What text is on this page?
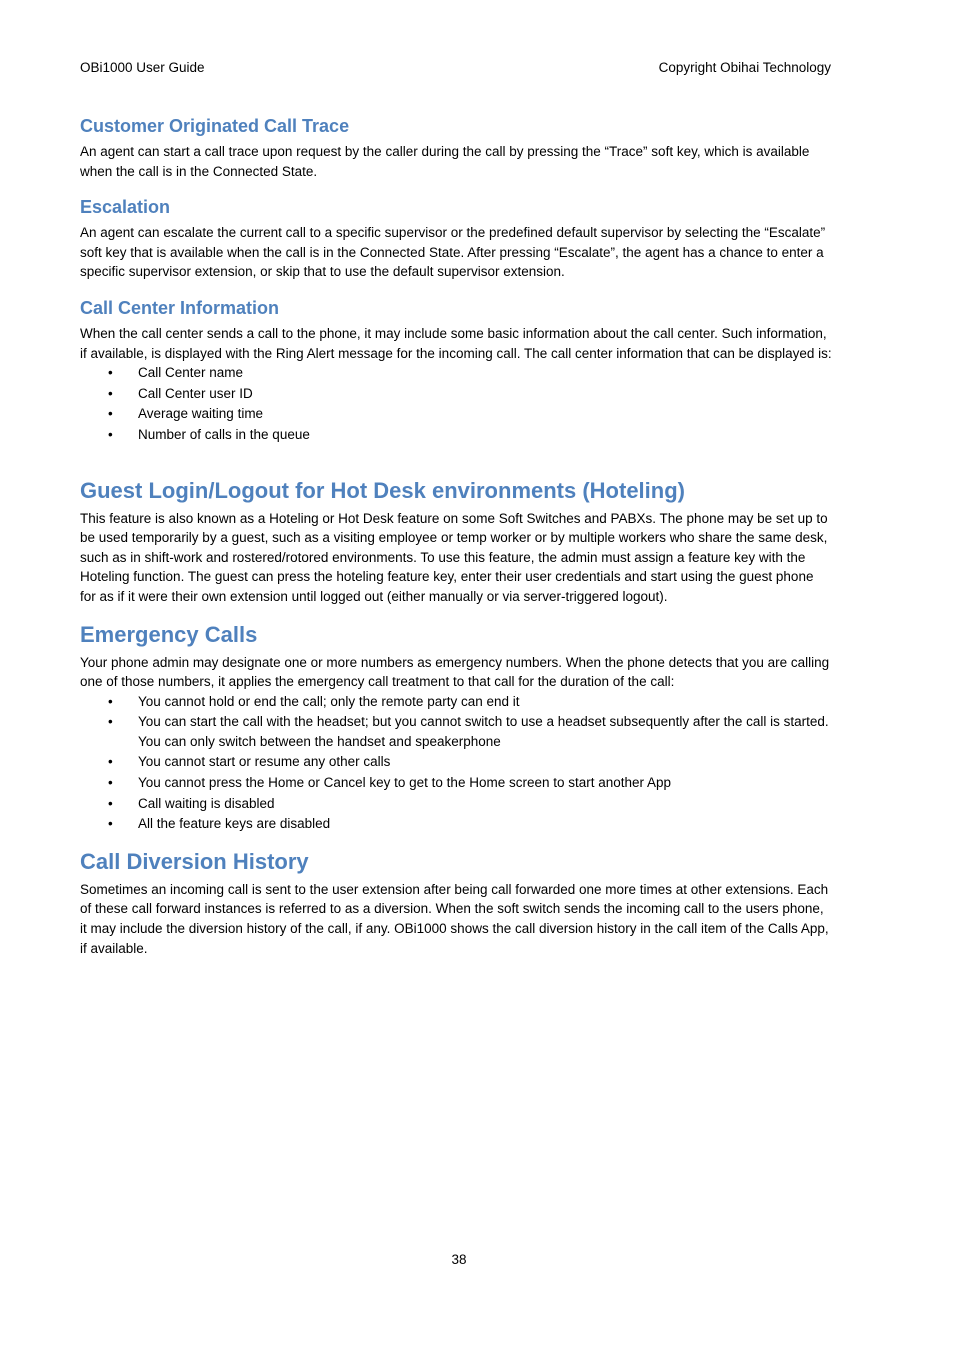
OBi1000 User Guide	Copyright Obihai Technology
Customer Originated Call Trace

An agent can start a call trace upon request by the caller during the call by pressing the “Trace” soft key, which is available when the call is in the Connected State.

Escalation

An agent can escalate the current call to a specific supervisor or the predefined default supervisor by selecting the “Escalate” soft key that is available when the call is in the Connected State. After pressing “Escalate”, the agent has a chance to enter a specific supervisor extension, or skip that to use the default supervisor extension.

Call Center Information

When the call center sends a call to the phone, it may include some basic information about the call center. Such information, if available, is displayed with the Ring Alert message for the incoming call. The call center information that can be displayed is:

• Call Center name
• Call Center user ID
• Average waiting time
• Number of calls in the queue
Guest Login/Logout for Hot Desk environments (Hoteling)

This feature is also known as a Hoteling or Hot Desk feature on some Soft Switches and PABXs. The phone may be set up to be used temporarily by a guest, such as a visiting employee or temp worker or by multiple workers who share the same desk, such as in shift-work and rostered/rotored environments. To use this feature, the admin must assign a feature key with the Hoteling function. The guest can press the hoteling feature key, enter their user credentials and start using the guest phone for as if it were their own extension until logged out (either manually or via server-triggered logout).

Emergency Calls

Your phone admin may designate one or more numbers as emergency numbers. When the phone detects that you are calling one of those numbers, it applies the emergency call treatment to that call for the duration of the call:

• You cannot hold or end the call; only the remote party can end it
• You can start the call with the headset; but you cannot switch to use a headset subsequently after the call is started. You can only switch between the handset and speakerphone
• You cannot start or resume any other calls
• You cannot press the Home or Cancel key to get to the Home screen to start another App
• Call waiting is disabled
• All the feature keys are disabled
Call Diversion History

Sometimes an incoming call is sent to the user extension after being call forwarded one more times at other extensions. Each of these call forward instances is referred to as a diversion. When the soft switch sends the incoming call to the users phone, it may include the diversion history of the call, if any. OBi1000 shows the call diversion history in the call item of the Calls App, if available.

38
